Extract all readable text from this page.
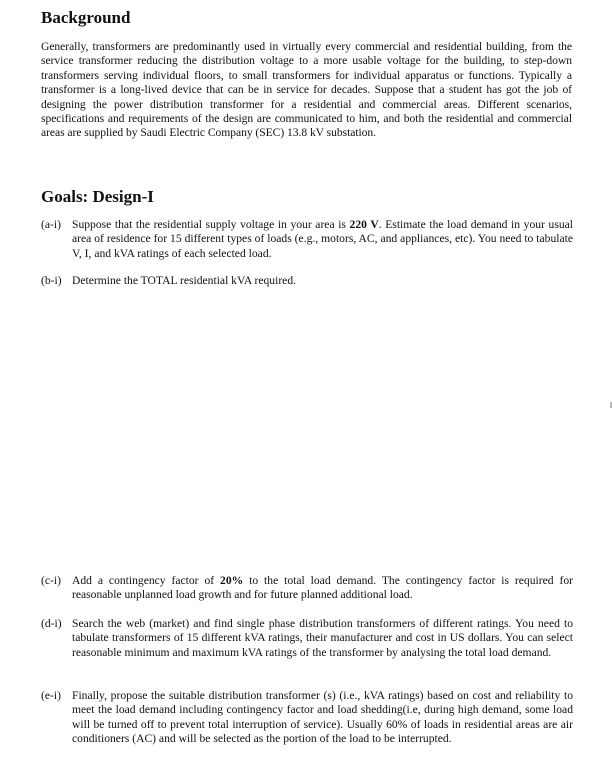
Background

Generally, transformers are predominantly used in virtually every commercial and residential building, from the service transformer reducing the distribution voltage to a more usable voltage for the building, to step-down transformers serving individual floors, to small transformers for individual apparatus or functions. Typically a transformer is a long-lived device that can be in service for decades. Suppose that a student has got the job of designing the power distribution transformer for a residential and commercial areas. Different scenarios, specifications and requirements of the design are communicated to him, and both the residential and commercial areas are supplied by Saudi Electric Company (SEC) 13.8 kV substation.

Goals: Design-I
(a-i) Suppose that the residential supply voltage in your area is 220 V. Estimate the load demand in your usual area of residence for 15 different types of loads (e.g., motors, AC, and appliances, etc). You need to tabulate V, I, and kVA ratings of each selected load.
(b-i) Determine the TOTAL residential kVA required.
(c-i) Add a contingency factor of 20% to the total load demand. The contingency factor is required for reasonable unplanned load growth and for future planned additional load.
(d-i) Search the web (market) and find single phase distribution transformers of different ratings. You need to tabulate transformers of 15 different kVA ratings, their manufacturer and cost in US dollars. You can select reasonable minimum and maximum kVA ratings of the transformer by analysing the total load demand.
(e-i) Finally, propose the suitable distribution transformer (s) (i.e., kVA ratings) based on cost and reliability to meet the load demand including contingency factor and load shedding(i.e, during high demand, some load will be turned off to prevent total interruption of service). Usually 60% of loads in residential areas are air conditioners (AC) and will be selected as the portion of the load to be interrupted.
